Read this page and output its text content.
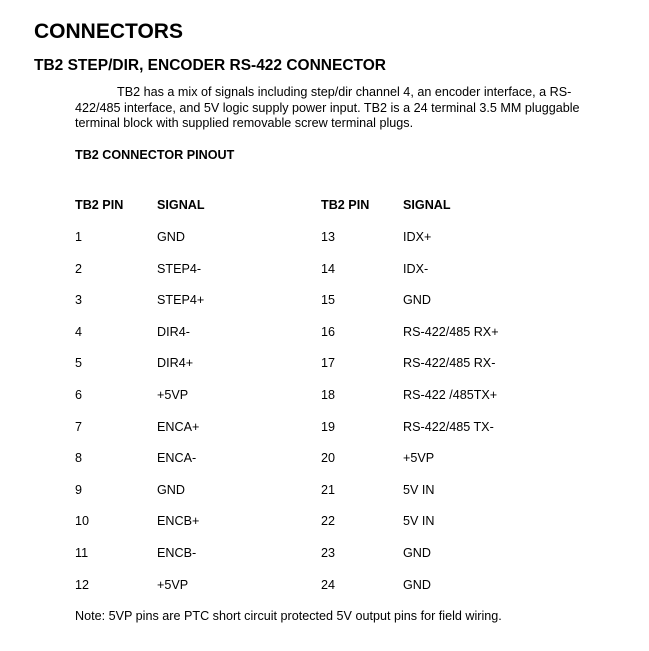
CONNECTORS
TB2 STEP/DIR, ENCODER RS-422 CONNECTOR

TB2 has a mix of signals including step/dir channel 4, an encoder interface, a RS-422/485 interface, and 5V logic supply power input. TB2 is a 24 terminal 3.5 MM pluggable terminal block with supplied removable screw terminal plugs.

TB2 CONNECTOR PINOUT

TB2 PIN	SIGNAL	TB2 PIN	SIGNAL
1	GND	13	IDX+
2	STEP4-	14	IDX-
3	STEP4+	15	GND
4	DIR4-	16	RS-422/485 RX+
5	DIR4+	17	RS-422/485 RX-
6	+5VP	18	RS-422 /485TX+
7	ENCA+	19	RS-422/485 TX-
8	ENCA-	20	+5VP
9	GND	21	5V IN
10	ENCB+	22	5V IN
11	ENCB-	23	GND
12	+5VP	24	GND

Note: 5VP pins are PTC short circuit protected 5V output pins for field wiring.
